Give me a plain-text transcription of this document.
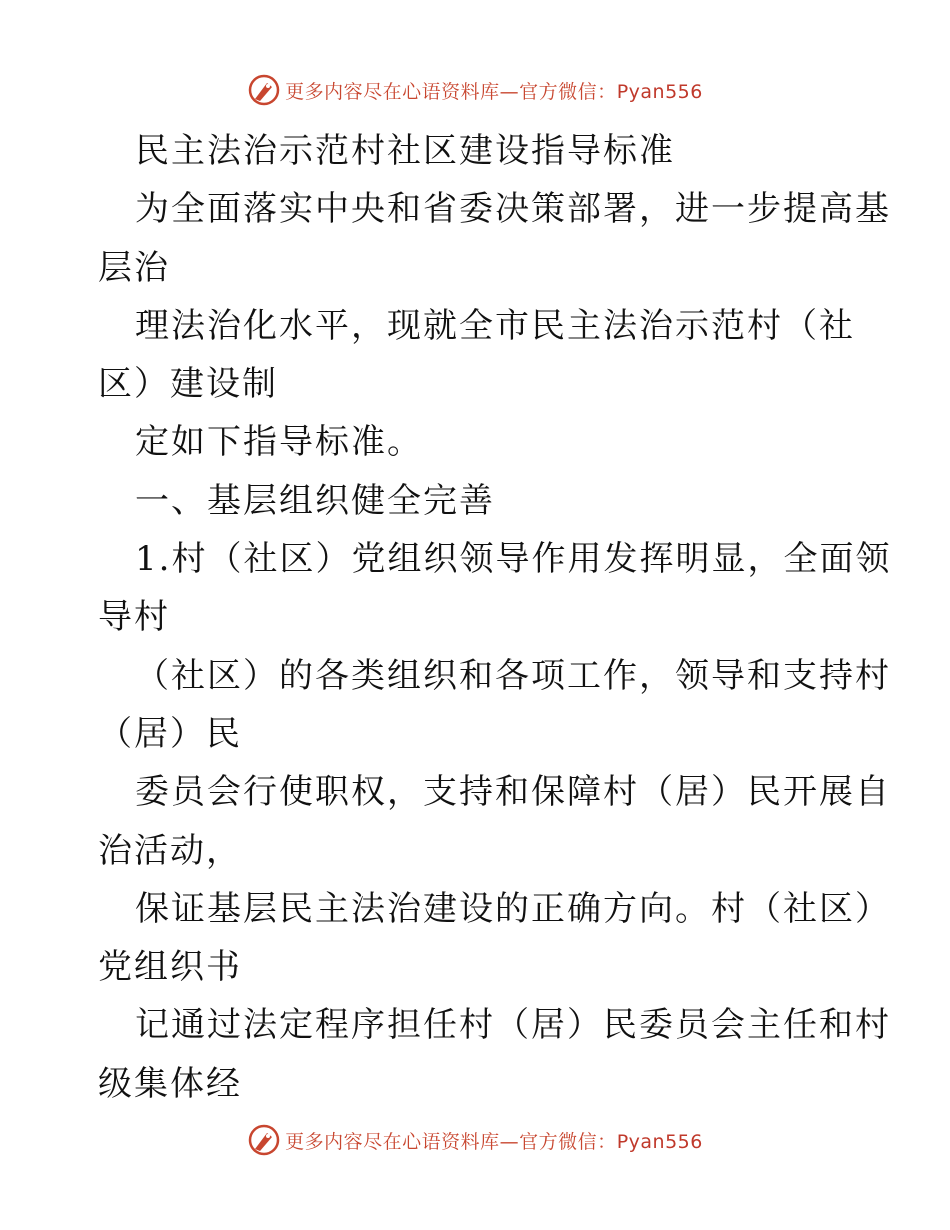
更多内容尽在心语资料库—官方微信：Pyan556
民主法治示范村社区建设指导标准
为全面落实中央和省委决策部署，进一步提高基
层治
理法治化水平，现就全市民主法治示范村（社
区）建设制
定如下指导标准。
一、基层组织健全完善
1.村（社区）党组织领导作用发挥明显，全面领
导村
（社区）的各类组织和各项工作，领导和支持村
（居）民
委员会行使职权，支持和保障村（居）民开展自
治活动，
保证基层民主法治建设的正确方向。村（社区）
党组织书
记通过法定程序担任村（居）民委员会主任和村
级集体经
更多内容尽在心语资料库—官方微信：Pyan556
